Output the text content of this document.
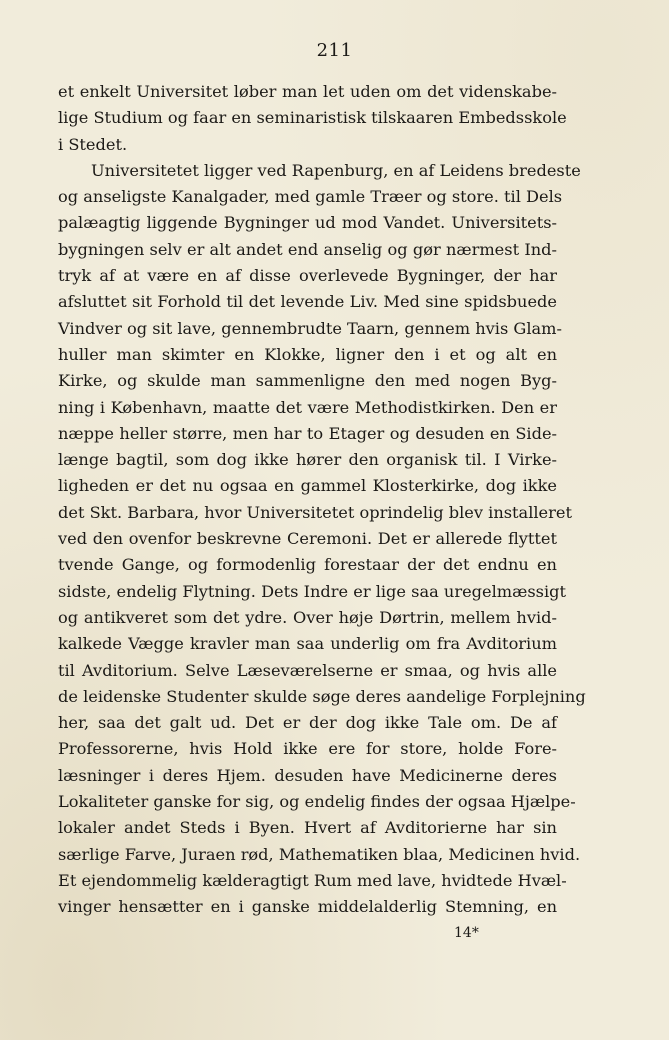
211
et enkelt Universitet løber man let uden om det videnskabe-
lige Studium og faar en seminaristisk tilskaaren Embedsskole
i Stedet.
Universitetet ligger ved Rapenburg, en af Leidens bredeste
og anseligste Kanalgader, med gamle Træer og store. til Dels
palæagtig liggende Bygninger ud mod Vandet. Universitets-
bygningen selv er alt andet end anselig og gør nærmest Ind-
tryk af at være en af disse overlevede Bygninger, der har
afsluttet sit Forhold til det levende Liv. Med sine spidsbuede
Vindver og sit lave, gennembrudte Taarn, gennem hvis Glam-
huller man skimter en Klokke, ligner den i et og alt en
Kirke, og skulde man sammenligne den med nogen Byg-
ning i København, maatte det være Methodistkirken. Den er
næppe heller større, men har to Etager og desuden en Side-
længe bagtil, som dog ikke hører den organisk til. I Virke-
ligheden er det nu ogsaa en gammel Klosterkirke, dog ikke
det Skt. Barbara, hvor Universitetet oprindelig blev installeret
ved den ovenfor beskrevne Ceremoni. Det er allerede flyttet
tvende Gange, og formodenlig forestaar der det endnu en
sidste, endelig Flytning. Dets Indre er lige saa uregelmæssigt
og antikveret som det ydre. Over høje Dørtrin, mellem hvid-
kalkede Vægge kravler man saa underlig om fra Avditorium
til Avditorium. Selve Læseværelserne er smaa, og hvis alle
de leidenske Studenter skulde søge deres aandelige Forplejning
her, saa det galt ud. Det er der dog ikke Tale om. De af
Professorerne, hvis Hold ikke ere for store, holde Fore-
læsninger i deres Hjem. desuden have Medicinerne deres
Lokaliteter ganske for sig, og endelig findes der ogsaa Hjælpe-
lokaler andet Steds i Byen. Hvert af Avditorierne har sin
særlige Farve, Juraen rød, Mathematiken blaa, Medicinen hvid.
Et ejendommelig kælderagtigt Rum med lave, hvidtede Hvæl-
vinger hensætter en i ganske middelalderlig Stemning, en
14*
